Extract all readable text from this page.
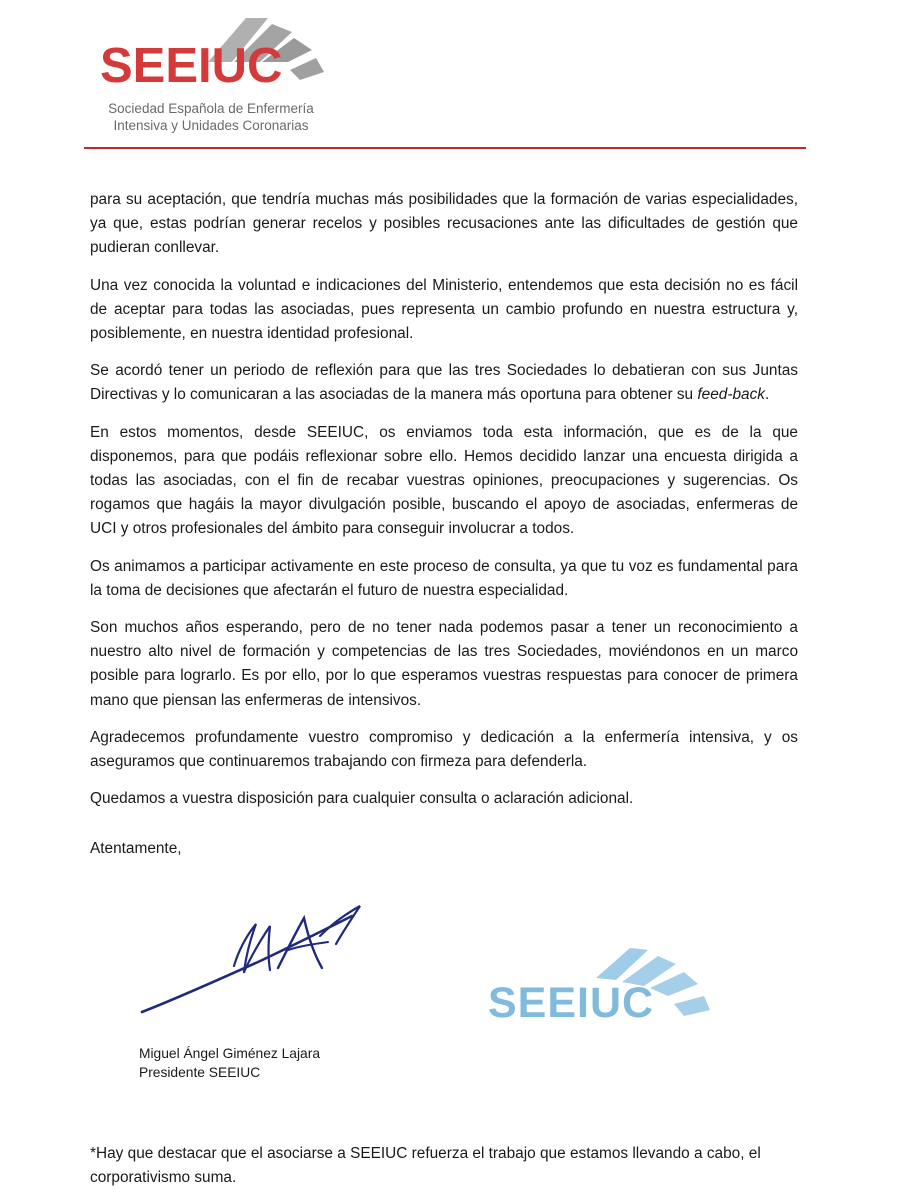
SEEIUC
Sociedad Española de Enfermería
Intensiva y Unidades Coronarias

para su aceptación, que tendría muchas más posibilidades que la formación de varias especialidades, ya que, estas podrían generar recelos y posibles recusaciones ante las dificultades de gestión que pudieran conllevar.

Una vez conocida la voluntad e indicaciones del Ministerio, entendemos que esta decisión no es fácil de aceptar para todas las asociadas, pues representa un cambio profundo en nuestra estructura y, posiblemente, en nuestra identidad profesional.

Se acordó tener un periodo de reflexión para que las tres Sociedades lo debatieran con sus Juntas Directivas y lo comunicaran a las asociadas de la manera más oportuna para obtener su feed-back.

En estos momentos, desde SEEIUC, os enviamos toda esta información, que es de la que disponemos, para que podáis reflexionar sobre ello. Hemos decidido lanzar una encuesta dirigida a todas las asociadas, con el fin de recabar vuestras opiniones, preocupaciones y sugerencias. Os rogamos que hagáis la mayor divulgación posible, buscando el apoyo de asociadas, enfermeras de UCI y otros profesionales del ámbito para conseguir involucrar a todos.

Os animamos a participar activamente en este proceso de consulta, ya que tu voz es fundamental para la toma de decisiones que afectarán el futuro de nuestra especialidad.

Son muchos años esperando, pero de no tener nada podemos pasar a tener un reconocimiento a nuestro alto nivel de formación y competencias de las tres Sociedades, moviéndonos en un marco posible para lograrlo. Es por ello, por lo que esperamos vuestras respuestas para conocer de primera mano que piensan las enfermeras de intensivos.

Agradecemos profundamente vuestro compromiso y dedicación a la enfermería intensiva, y os aseguramos que continuaremos trabajando con firmeza para defenderla.

Quedamos a vuestra disposición para cualquier consulta o aclaración adicional.

Atentamente,
SEEIUC
Miguel Ángel Giménez Lajara
Presidente SEEIUC
*Hay que destacar que el asociarse a SEEIUC refuerza el trabajo que estamos llevando a cabo, el corporativismo suma.
